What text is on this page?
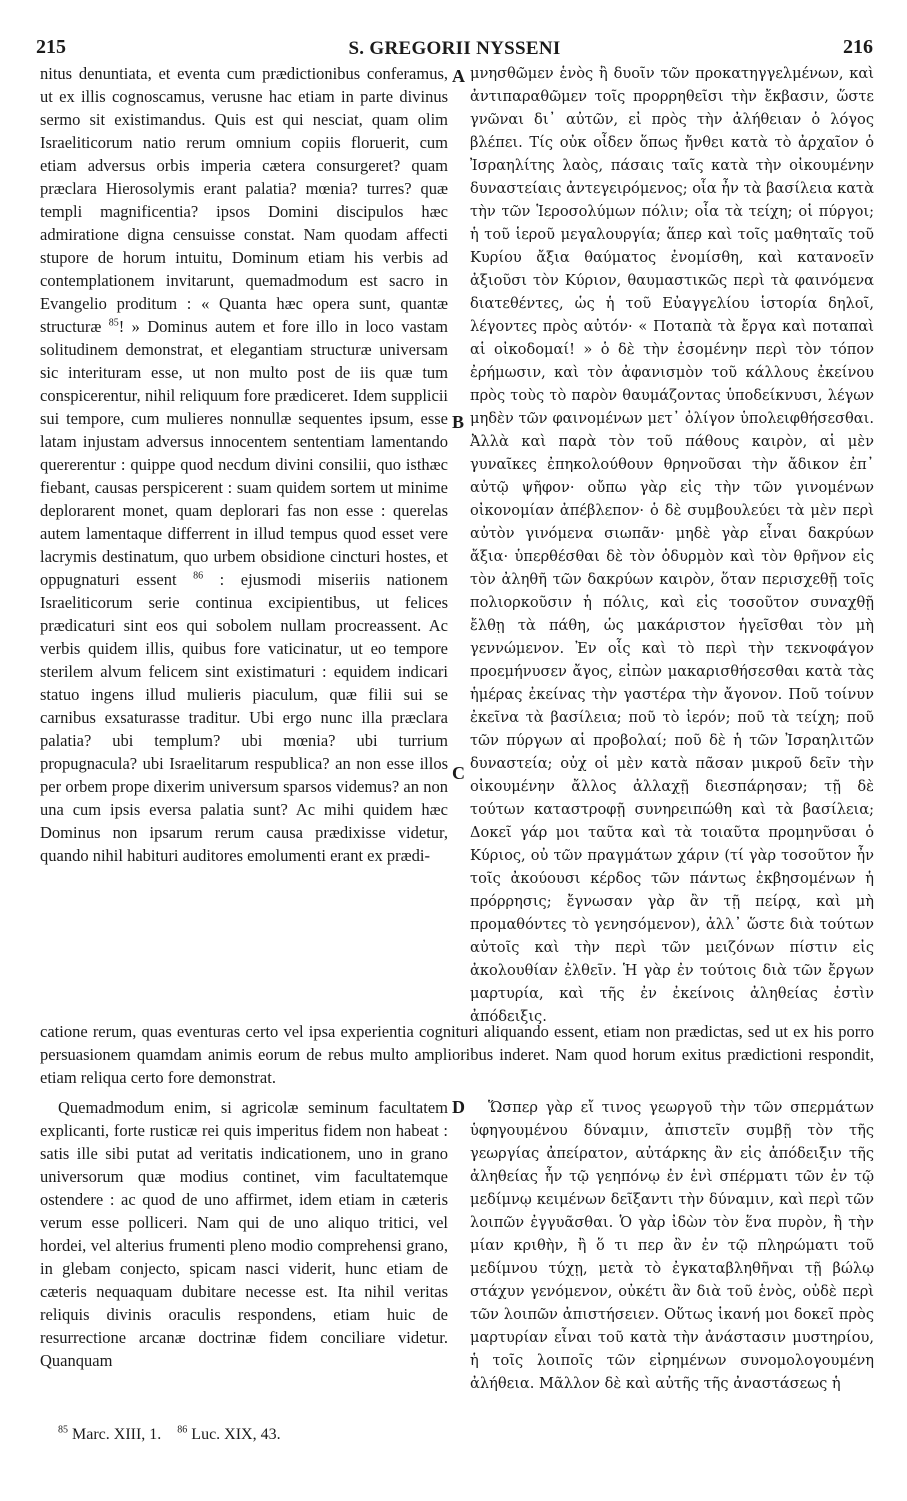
215	S. GREGORII NYSSENI	216

nitus denuntiata, et eventa cum prædictionibus conferamus, ut ex illis cognoscamus, verusne hac etiam in parte divinus sermo sit existimandus. Quis est qui nesciat, quam olim Israeliticorum natio rerum omnium copiis floruerit, cum etiam adversus orbis imperia cætera consurgeret? quam præclara Hierosolymis erant palatia? mœnia? turres? quæ templi magnificentia? ipsos Domini discipulos hæc admiratione digna censuisse constat. Nam quodam affecti stupore de horum intuitu, Dominum etiam his verbis ad contemplationem invitarunt, quemadmodum est sacro in Evangelio proditum : « Quanta hæc opera sunt, quantæ structuræ $^{85}$! » Dominus autem et fore illo in loco vastam solitudinem demonstrat, et elegantiam structuræ universam sic interituram esse, ut non multo post de iis quæ tum conspicerentur, nihil reliquum fore prædiceret. Idem supplicii sui tempore, cum mulieres nonnullæ sequentes ipsum, esse latam injustam adversus innocentem sententiam lamentando quererentur : quippe quod necdum divini consilii, quo isthæc fiebant, causas perspicerent : suam quidem sortem ut minime deplorarent monet, quam deplorari fas non esse : querelas autem lamentaque differrent in illud tempus quod esset vere lacrymis destinatum, quo urbem obsidione cincturi hostes, et oppugnaturi essent $^{86}$ : ejusmodi miseriis nationem Israeliticorum serie continua excipientibus, ut felices prædicaturi sint eos qui sobolem nullam procreassent. Ac verbis quidem illis, quibus fore vaticinatur, ut eo tempore sterilem alvum felicem sint existimaturi : equidem indicari statuo ingens illud mulieris piaculum, quæ filii sui se carnibus exsaturasse traditur. Ubi ergo nunc illa præclara palatia? ubi templum? ubi mœnia? ubi turrium propugnacula? ubi Israelitarum respublica? an non esse illos per orbem prope dixerim universum sparsos videmus? an non una cum ipsis eversa palatia sunt? Ac mihi quidem hæc Dominus non ipsarum rerum causa prædixisse videtur, quando nihil habituri auditores emolumenti erant ex prædi-

μνησθῶμεν ἑνὸς ἢ δυοῖν τῶν προκατηγγελμένων, καὶ ἀντιπαραθῶμεν τοῖς προρρηθεῖσι τὴν ἔκβασιν, ὥστε γνῶναι δι᾽ αὐτῶν, εἰ πρὸς τὴν ἀλήθειαν ὁ λόγος βλέπει. Τίς οὐκ οἶδεν ὅπως ἤνθει κατὰ τὸ ἀρχαῖον ὁ Ἰσραηλίτης λαὸς, πάσαις ταῖς κατὰ τὴν οἰκουμένην δυναστείαις ἀντεγειρόμενος; οἷα ἦν τὰ βασίλεια κατὰ τὴν τῶν Ἱεροσολύμων πόλιν; οἷα τὰ τείχη; οἱ πύργοι; ἡ τοῦ ἱεροῦ μεγαλουργία; ἅπερ καὶ τοῖς μαθηταῖς τοῦ Κυρίου ἄξια θαύματος ἐνομίσθη, καὶ κατανοεῖν ἀξιοῦσι τὸν Κύριον, θαυμαστικῶς περὶ τὰ φαινόμενα διατεθέντες, ὡς ἡ τοῦ Εὐαγγελίου ἱστορία δηλοῖ, λέγοντες πρὸς αὐτόν· « Ποταπὰ τὰ ἔργα καὶ ποταπαὶ αἱ οἰκοδομαί! » ὁ δὲ τὴν ἐσομένην περὶ τὸν τόπον ἐρήμωσιν, καὶ τὸν ἀφανισμὸν τοῦ κάλλους ἐκείνου πρὸς τοὺς τὸ παρὸν θαυμάζοντας ὑποδείκνυσι, λέγων μηδὲν τῶν φαινομένων μετ᾽ ὀλίγον ὑπολειφθήσεσθαι. Ἀλλὰ καὶ παρὰ τὸν τοῦ πάθους καιρὸν, αἱ μὲν γυναῖκες ἐπηκολούθουν θρηνοῦσαι τὴν ἄδικον ἐπ᾽ αὐτῷ ψῆφον· οὔπω γὰρ εἰς τὴν τῶν γινομένων οἰκονομίαν ἀπέβλεπον· ὁ δὲ συμβουλεύει τὰ μὲν περὶ αὐτὸν γινόμενα σιωπᾶν· μηδὲ γὰρ εἶναι δακρύων ἄξια· ὑπερθέσθαι δὲ τὸν ὀδυρμὸν καὶ τὸν θρῆνον εἰς τὸν ἀληθῆ τῶν δακρύων καιρὸν, ὅταν περισχεθῇ τοῖς πολιορκοῦσιν ἡ πόλις, καὶ εἰς τοσοῦτον συναχθῇ ἔλθῃ τὰ πάθη, ὡς μακάριστον ἡγεῖσθαι τὸν μὴ γεννώμενον. Ἐν οἷς καὶ τὸ περὶ τὴν τεκνοφάγον προεμήνυσεν ἄγος, εἰπὼν μακαρισθήσεσθαι κατὰ τὰς ἡμέρας ἐκείνας τὴν γαστέρα τὴν ἄγονον. Ποῦ τοίνυν ἐκεῖνα τὰ βασίλεια; ποῦ τὸ ἱερόν; ποῦ τὰ τείχη; ποῦ τῶν πύργων αἱ προβολαί; ποῦ δὲ ἡ τῶν Ἰσραηλιτῶν δυναστεία; οὐχ οἱ μὲν κατὰ πᾶσαν μικροῦ δεῖν τὴν οἰκουμένην ἄλλος ἀλλαχῇ διεσπάρησαν; τῇ δὲ τούτων καταστροφῇ συνηρειπώθη καὶ τὰ βασίλεια; Δοκεῖ γάρ μοι ταῦτα καὶ τὰ τοιαῦτα προμηνῦσαι ὁ Κύριος, οὐ τῶν πραγμάτων χάριν (τί γὰρ τοσοῦτον ἦν τοῖς ἀκούουσι κέρδος τῶν πάντως ἐκβησομένων ἡ πρόρρησις; ἔγνωσαν γὰρ ἂν τῇ πείρᾳ, καὶ μὴ προμαθόντες τὸ γενησόμενον), ἀλλ᾽ ὥστε διὰ τούτων αὐτοῖς καὶ τὴν περὶ τῶν μειζόνων πίστιν εἰς ἀκολουθίαν ἐλθεῖν. Ἡ γὰρ ἐν τούτοις διὰ τῶν ἔργων μαρτυρία, καὶ τῆς ἐν ἐκείνοις ἀληθείας ἐστὶν ἀπόδειξις.

A
B
C
D

catione rerum, quas eventuras certo vel ipsa experientia cogniturі aliquando essent, etiam non prædictas, sed ut ex his porro persuasionem quamdam animis eorum de rebus multo amplioribus inderet. Nam quod horum exitus prædictioni respondit, etiam reliqua certo fore demonstrat.

Quemadmodum enim, si agricolæ seminum facultatem explicanti, forte rusticæ rei quis imperitus fidem non habeat : satis ille sibi putat ad veritatis indicationem, uno in grano universorum quæ modius continet, vim facultatemque ostendere : ac quod de uno affirmet, idem etiam in cæteris verum esse polliceri. Nam qui de uno aliquo tritici, vel hordei, vel alterius frumenti pleno modio comprehensi grano, in glebam conjecto, spicam nasci viderit, hunc etiam de cæteris nequaquam dubitare necesse est. Ita nihil veritas reliquis divinis oraculis respondens, etiam huic de resurrectione arcanæ doctrinæ fidem conciliare videtur. Quanquam

Ὥσπερ γὰρ εἴ τινος γεωργοῦ τὴν τῶν σπερμάτων ὑφηγουμένου δύναμιν, ἀπιστεῖν συμβῇ τὸν τῆς γεωργίας ἀπείρατον, αὐτάρκης ἂν εἰς ἀπόδειξιν τῆς ἀληθείας ἦν τῷ γεηπόνῳ ἐν ἑνὶ σπέρματι τῶν ἐν τῷ μεδίμνῳ κειμένων δεῖξαντι τὴν δύναμιν, καὶ περὶ τῶν λοιπῶν ἐγγυᾶσθαι. Ὁ γὰρ ἰδὼν τὸν ἕνα πυρὸν, ἢ τὴν μίαν κριθὴν, ἢ ὅ τι περ ἂν ἐν τῷ πληρώματι τοῦ μεδίμνου τύχῃ, μετὰ τὸ ἐγκαταβληθῆναι τῇ βώλῳ στάχυν γενόμενον, οὐκέτι ἂν διὰ τοῦ ἑνὸς, οὐδὲ περὶ τῶν λοιπῶν ἀπιστήσειεν. Οὕτως ἱκανή μοι δοκεῖ πρὸς μαρτυρίαν εἶναι τοῦ κατὰ τὴν ἀνάστασιν μυστηρίου, ἡ τοῖς λοιποῖς τῶν εἰρημένων συνομολογουμένη ἀλήθεια. Μᾶλλον δὲ καὶ αὐτῆς τῆς ἀναστάσεως ἡ

$^{85}$ Marc. XIII, 1. $^{86}$ Luc. XIX, 43.
